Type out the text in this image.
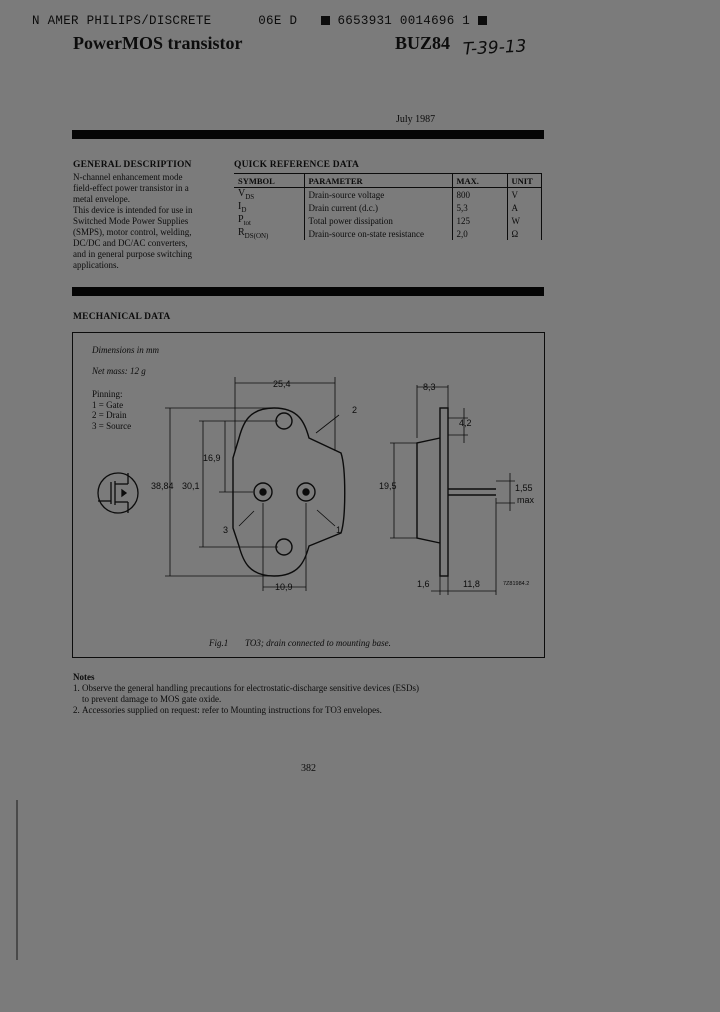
N AMER PHILIPS/DISCRETE	06E D	6653931 0014696 1
PowerMOS transistor	BUZ84 T-39-13
July 1987
GENERAL DESCRIPTION
N-channel enhancement mode
field-effect power transistor in a
metal envelope.
This device is intended for use in
Switched Mode Power Supplies
(SMPS), motor control, welding,
DC/DC and DC/AC converters,
and in general purpose switching
applications.
QUICK REFERENCE DATA
SYMBOL	PARAMETER	MAX.	UNIT
$V_{DS}$	Drain-source voltage	800	V
$I_D$	Drain current (d.c.)	5,3	A
$P_{tot}$	Total power dissipation	125	W
$R_{DS(ON)}$	Drain-source on-state resistance	2,0	Ω
MECHANICAL DATA
Dimensions in mm
Net mass: 12 g
Pinning:
1 = Gate
2 = Drain
3 = Source
25,4
16,9
38,84 30,1
10,9
2
1
3
8,3
4,2
19,5	1,55
max
1,6	11,8	7Z81984.2
Fig.1 TO3; drain connected to mounting base.
Notes
1. Observe the general handling precautions for electrostatic-discharge sensitive devices (ESDs)
to prevent damage to MOS gate oxide.
2. Accessories supplied on request: refer to Mounting instructions for TO3 envelopes.
382
